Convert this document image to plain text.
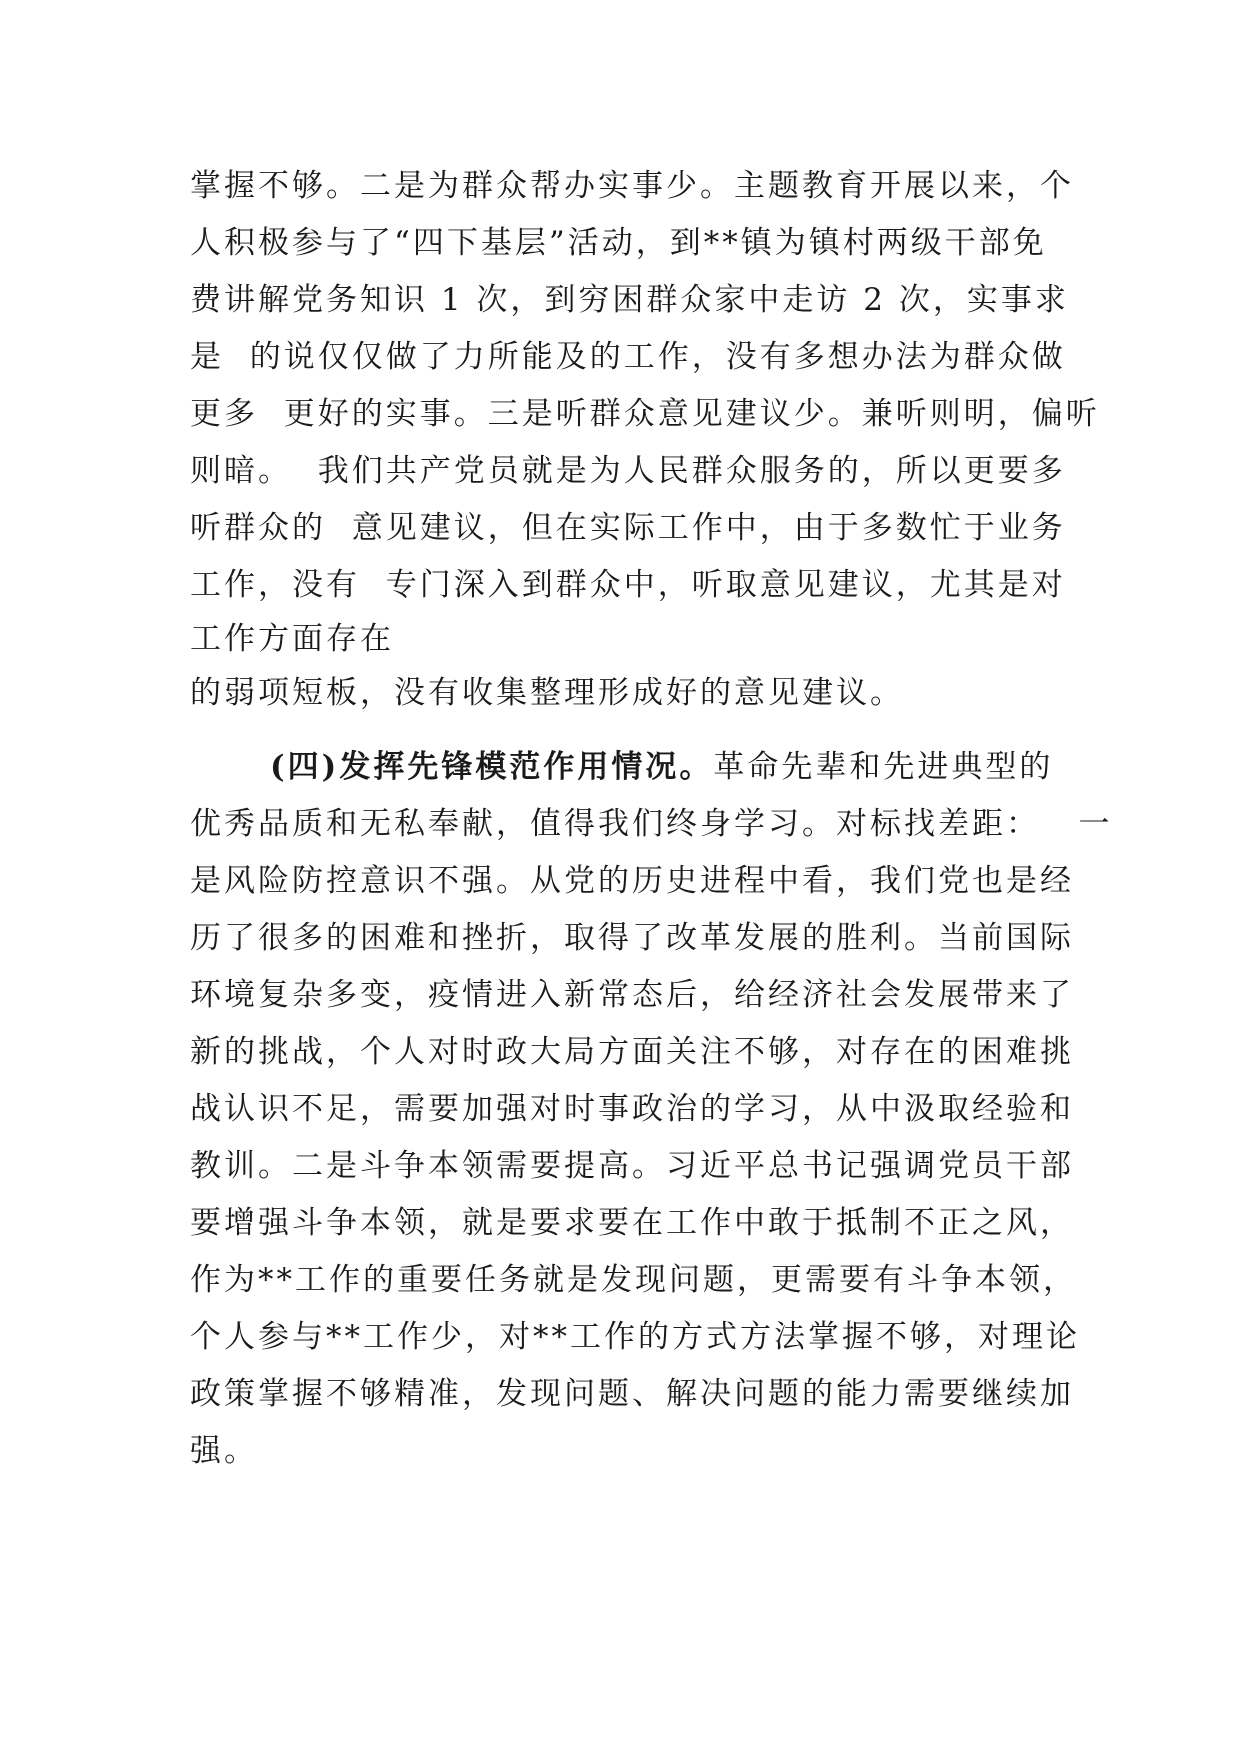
掌握不够。二是为群众帮办实事少。主题教育开展以来，个
人积极参与了“四下基层”活动，到**镇为镇村两级干部免
费讲解党务知识 1 次，到穷困群众家中走访 2 次，实事求
是  的说仅仅做了力所能及的工作，没有多想办法为群众做
更多  更好的实事。三是听群众意见建议少。兼听则明，偏听
则暗。  我们共产党员就是为人民群众服务的，所以更要多
听群众的  意见建议，但在实际工作中，由于多数忙于业务
工作，没有  专门深入到群众中，听取意见建议，尤其是对
工作方面存在
的弱项短板，没有收集整理形成好的意见建议。
(四)发挥先锋模范作用情况。革命先辈和先进典型的
优秀品质和无私奉献，值得我们终身学习。对标找差距：   一
是风险防控意识不强。从党的历史进程中看，我们党也是经
历了很多的困难和挫折，取得了改革发展的胜利。当前国际
环境复杂多变，疫情进入新常态后，给经济社会发展带来了
新的挑战，个人对时政大局方面关注不够，对存在的困难挑
战认识不足，需要加强对时事政治的学习，从中汲取经验和
教训。二是斗争本领需要提高。习近平总书记强调党员干部
要增强斗争本领，就是要求要在工作中敢于抵制不正之风，
作为**工作的重要任务就是发现问题，更需要有斗争本领，
个人参与**工作少，对**工作的方式方法掌握不够，对理论
政策掌握不够精准，发现问题、解决问题的能力需要继续加
强。
